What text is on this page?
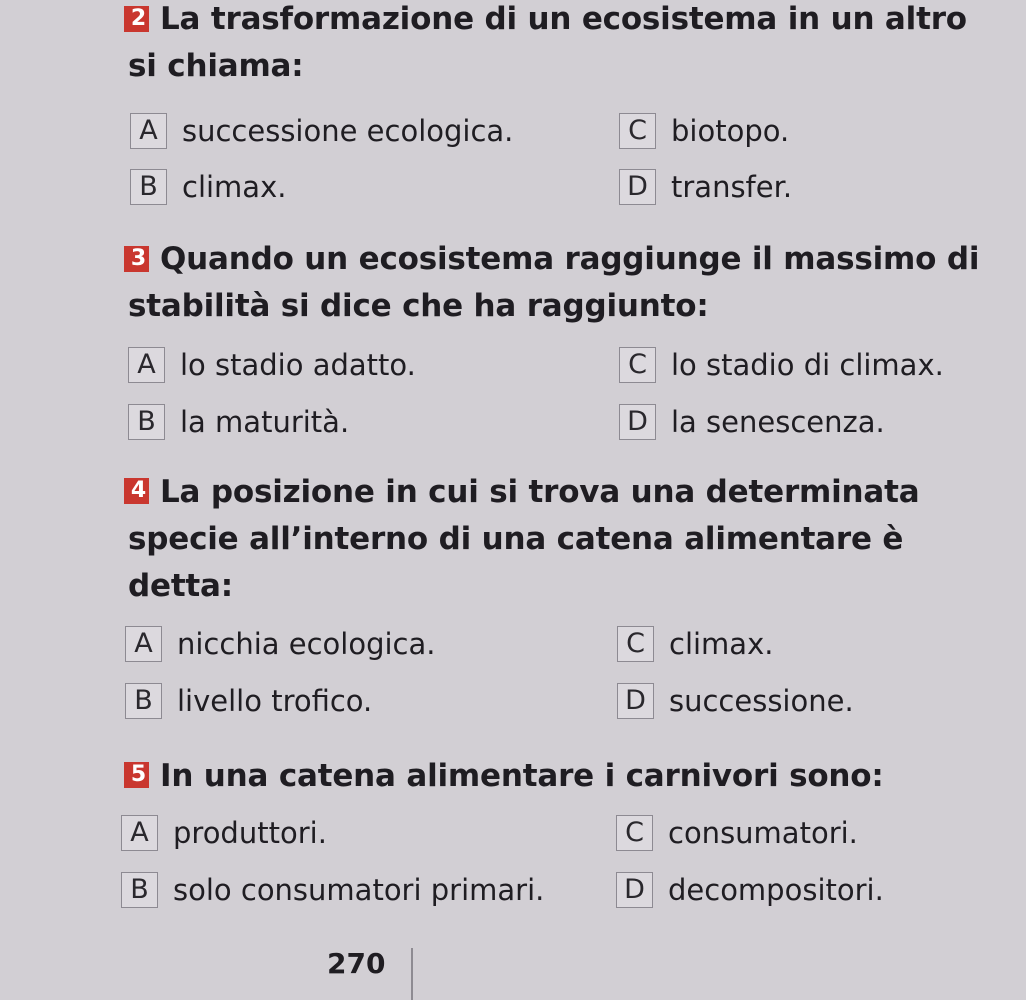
2 La trasformazione di un ecosistema in un altro
si chiama:
A successione ecologica.
B climax.
C biotopo.
D transfer.
3 Quando un ecosistema raggiunge il massimo di
stabilità si dice che ha raggiunto:
A lo stadio adatto.
B la maturità.
C lo stadio di climax.
D la senescenza.
4 La posizione in cui si trova una determinata
specie all’interno di una catena alimentare è
detta:
A nicchia ecologica.
B livello trofico.
C climax.
D successione.
5 In una catena alimentare i carnivori sono:
A produttori.
B solo consumatori primari.
C consumatori.
D decompositori.
270
